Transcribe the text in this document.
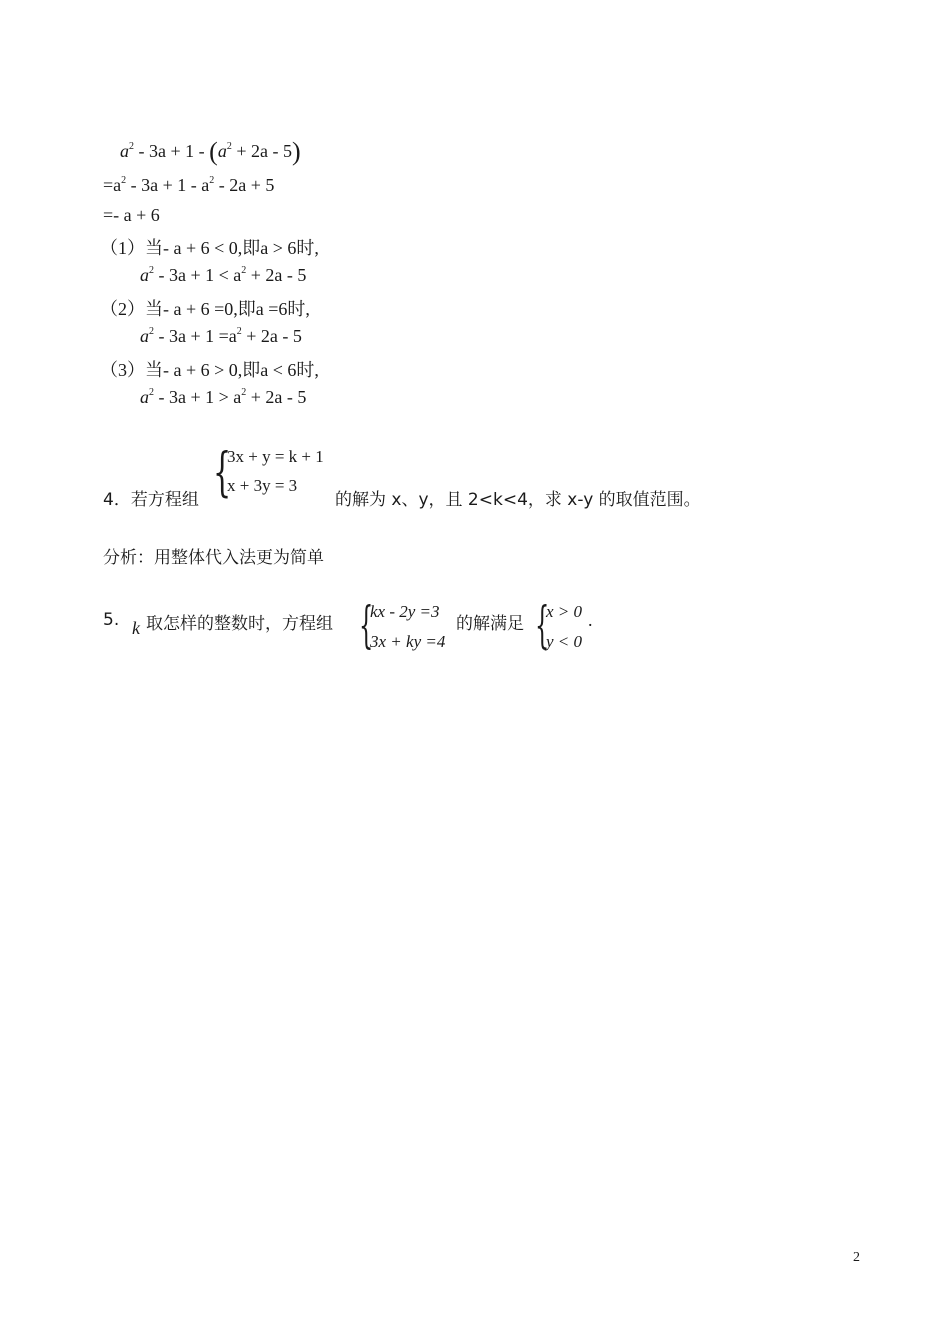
$a^2 - 3a + 1 - (a^2 + 2a - 5)$
$=a^2 - 3a + 1 - a^2 - 2a + 5$
=- a + 6
（1）当- a + 6 < 0,即a > 6时,
$a^2 - 3a + 1 < a^2 + 2a - 5$
（2）当- a + 6 =0,即a =6时,
$a^2 - 3a + 1 =a^2 + 2a - 5$
（3）当- a + 6 > 0,即a < 6时,
$a^2 - 3a + 1 > a^2 + 2a - 5$
4．若方程组 {
3x + y = k + 1
x + 3y = 3
的解为 x、y，且 2<k<4，求 x-y 的取值范围。
分析：用整体代入法更为简单
5. k 取怎样的整数时，方程组 {
kx - 2y =3
3x + ky =4
的解满足 {
x > 0
y < 0
.
2
